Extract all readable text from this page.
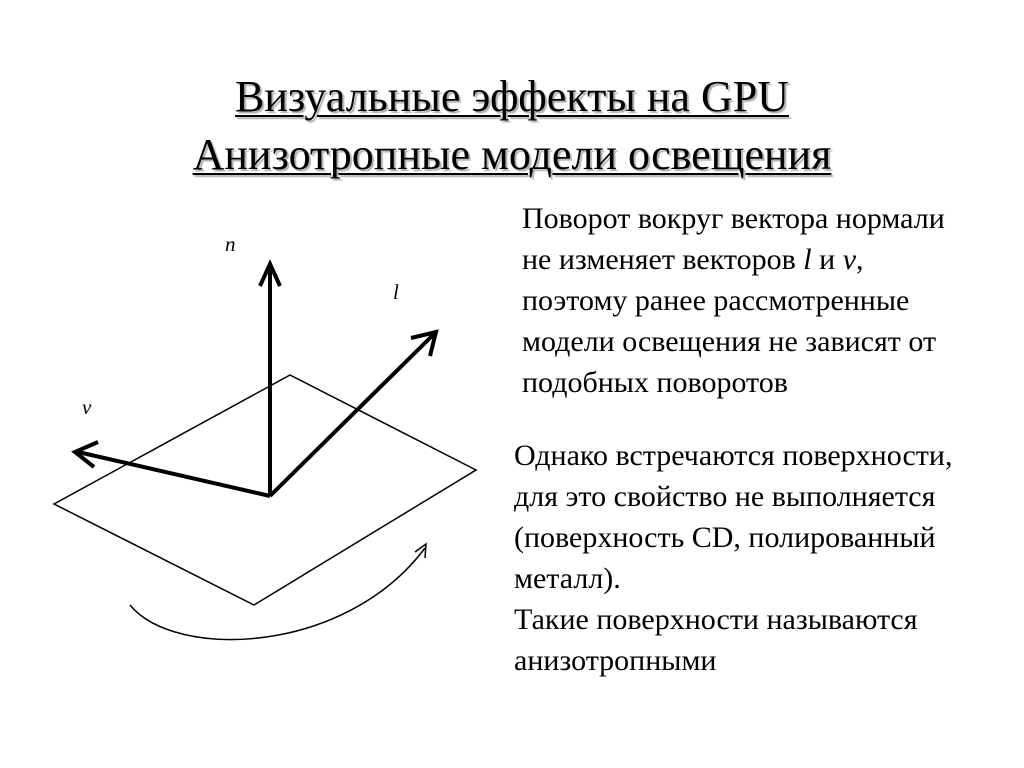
Визуальные эффекты на GPU
Анизотропные модели освещения
n
l
v
Поворот вокруг вектора нормали
не изменяет векторов l и v,
поэтому ранее рассмотренные
модели освещения не зависят от
подобных поворотов
Однако встречаются поверхности,
для это свойство не выполняется
(поверхность CD, полированный
металл).
Такие поверхности называются
анизотропными
